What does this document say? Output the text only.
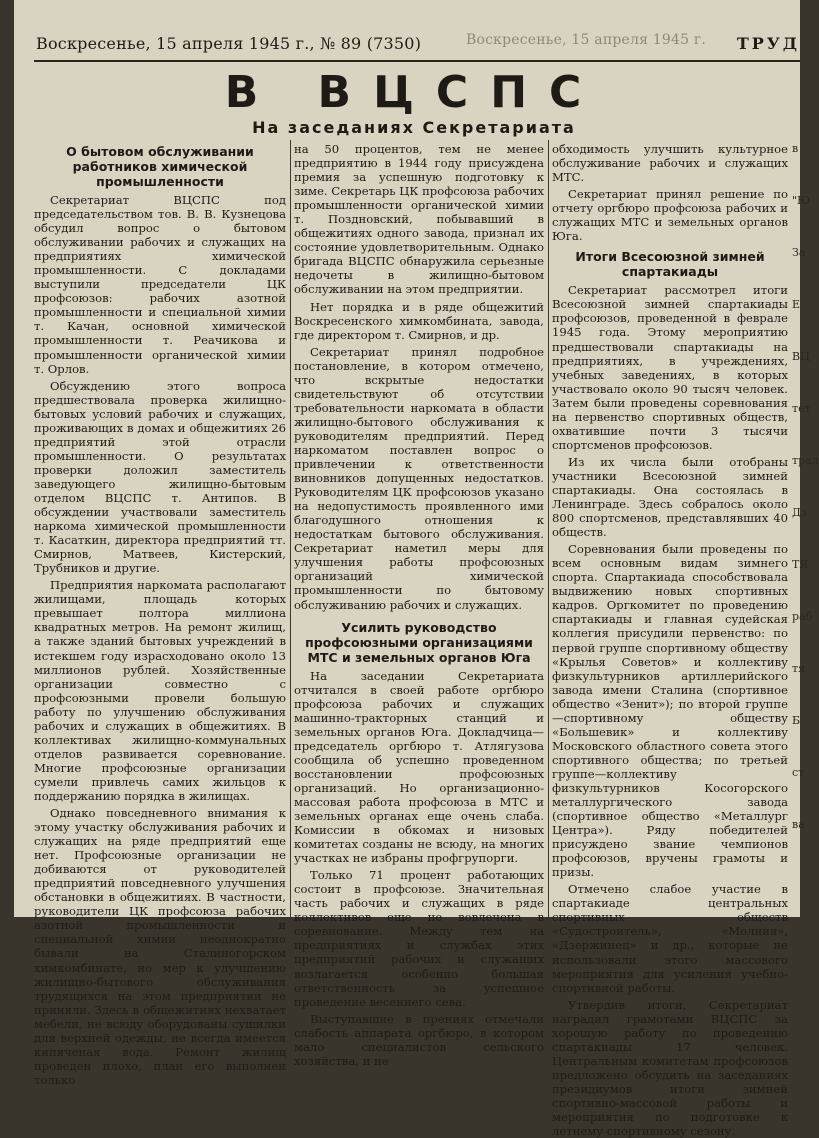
Воскресенье, 15 апреля 1945 г., № 89 (7350)	Воскресенье, 15 апреля 1945 г. ТРУД
В ВЦСПС
На заседаниях Секретариата
О бытовом обслуживании работников химической промышленности

Секретариат ВЦСПС под председательством тов. В. В. Кузнецова обсудил вопрос о бытовом обслуживании рабочих и служащих на предприятиях химической промышленности. С докладами выступили председатели ЦК профсоюзов: рабочих азотной промышленности и специальной химии т. Качан, основной химической промышленности т. Реачикова и промышленности органической химии т. Орлов.

Обсуждению этого вопроса предшествовала проверка жилищно-бытовых условий рабочих и служащих, проживающих в домах и общежитиях 26 предприятий этой отрасли промышленности. О результатах проверки доложил заместитель заведующего жилищно-бытовым отделом ВЦСПС т. Антипов. В обсуждении участвовали заместитель наркома химической промышленности т. Касаткин, директора предприятий тт. Смирнов, Матвеев, Кистерский, Трубников и другие.

Предприятия наркомата располагают жилищами, площадь которых превышает полтора миллиона квадратных метров. На ремонт жилищ, а также зданий бытовых учреждений в истекшем году израсходовано около 13 миллионов рублей. Хозяйственные организации совместно с профсоюзными провели большую работу по улучшению обслуживания рабочих и служащих в общежитиях. В коллективах жилищно-коммунальных отделов развивается соревнование. Многие профсоюзные организации сумели привлечь самих жильцов к поддержанию порядка в жилищах.

Однако повседневного внимания к этому участку обслуживания рабочих и служащих на ряде предприятий еще нет. Профсоюзные организации не добиваются от руководителей предприятий повседневного улучшения обстановки в общежитиях. В частности, руководители ЦК профсоюза рабочих азотной промышленности и специальной химии неоднократно бывали на Сталиногорском химкомбинате, но мер к улучшению жилищно-бытового обслуживания трудящихся на этом предприятии не приняли. Здесь в общежитиях нехватает мебели, не всюду оборудованы сушилки для верхней одежды, не всегда имеется кипяченая вода. Ремонт жилищ проведен плохо, план его выполнен только

на 50 процентов, тем не менее предприятию в 1944 году присуждена премия за успешную подготовку к зиме. Секретарь ЦК профсоюза рабочих промышленности органической химии т. Поздновский, побывавший в общежитиях одного завода, признал их состояние удовлетворительным. Однако бригада ВЦСПС обнаружила серьезные недочеты в жилищно-бытовом обслуживании на этом предприятии.

Нет порядка и в ряде общежитий Воскресенского химкомбината, завода, где директором т. Смирнов, и др.

Секретариат принял подробное постановление, в котором отмечено, что вскрытые недостатки свидетельствуют об отсутствии требовательности наркомата в области жилищно-бытового обслуживания к руководителям предприятий. Перед наркоматом поставлен вопрос о привлечении к ответственности виновников допущенных недостатков. Руководителям ЦК профсоюзов указано на недопустимость проявленного ими благодушного отношения к недостаткам бытового обслуживания. Секретариат наметил меры для улучшения работы профсоюзных организаций химической промышленности по бытовому обслуживанию рабочих и служащих.

Усилить руководство профсоюзными организациями МТС и земельных органов Юга

На заседании Секретариата отчитался в своей работе оргбюро профсоюза рабочих и служащих машинно-тракторных станций и земельных органов Юга. Докладчица—председатель оргбюро т. Атлягузова сообщила об успешно проведенном восстановлении профсоюзных организаций. Но организационно-массовая работа профсоюза в МТС и земельных органах еще очень слаба. Комиссии в обкомах и низовых комитетах созданы не всюду, на многих участках не избраны профгрупорги.

Только 71 процент работающих состоит в профсоюзе. Значительная часть рабочих и служащих в ряде коллективов еще не вовлечена в соревнование. Между тем на предприятиях и службах этих предприятий рабочих и служащих возлагается особенно большая ответственность за успешное проведение весеннего сева.

Выступавшие в прениях отмечали слабость аппарата оргбюро, в котором мало специалистов сельского хозяйства, и не

обходимость улучшить культурное обслуживание рабочих и служащих МТС.

Секретариат принял решение по отчету оргбюро профсоюза рабочих и служащих МТС и земельных органов Юга.

Итоги Всесоюзной зимней спартакиады

Секретариат рассмотрел итоги Всесоюзной зимней спартакиады профсоюзов, проведенной в феврале 1945 года. Этому мероприятию предшествовали спартакиады на предприятиях, в учреждениях, учебных заведениях, в которых участвовало около 90 тысяч человек. Затем были проведены соревнования на первенство спортивных обществ, охватившие почти 3 тысячи спортсменов профсоюзов.

Из их числа были отобраны участники Всесоюзной зимней спартакиады. Она состоялась в Ленинграде. Здесь собралось около 800 спортсменов, представлявших 40 обществ.

Соревнования были проведены по всем основным видам зимнего спорта. Спартакиада способствовала выдвижению новых спортивных кадров. Оргкомитет по проведению спартакиады и главная судейская коллегия присудили первенство: по первой группе спортивному обществу «Крылья Советов» и коллективу физкультурников артиллерийского завода имени Сталина (спортивное общество «Зенит»); по второй группе—спортивному обществу «Большевик» и коллективу Московского областного совета этого спортивного общества; по третьей группе—коллективу физкультурников Косогорского металлургического завода (спортивное общество «Металлург Центра»). Ряду победителей присуждено звание чемпионов профсоюзов, вручены грамоты и призы.

Отмечено слабое участие в спартакиаде центральных спортивных обществ «Судостроитель», «Молния», «Дзержинец» и др., которые не использовали этого массового мероприятия для усиления учебно-спортивной работы.

Утвердив итоги, Секретариат наградил грамотами ВЦСПС за хорошую работу по проведению спартакиады 17 человек. Центральным комитетам профсоюзов предложено обсудить на заседаниях президиумов итоги зимней спортивно-массовой работы и мероприятия по подготовке к летнему спортивному сезону.

в
"Ю
За
Е
ВЦ
тет
трал
Дз
ТЯ
раб
тя
Б
ст
ва
